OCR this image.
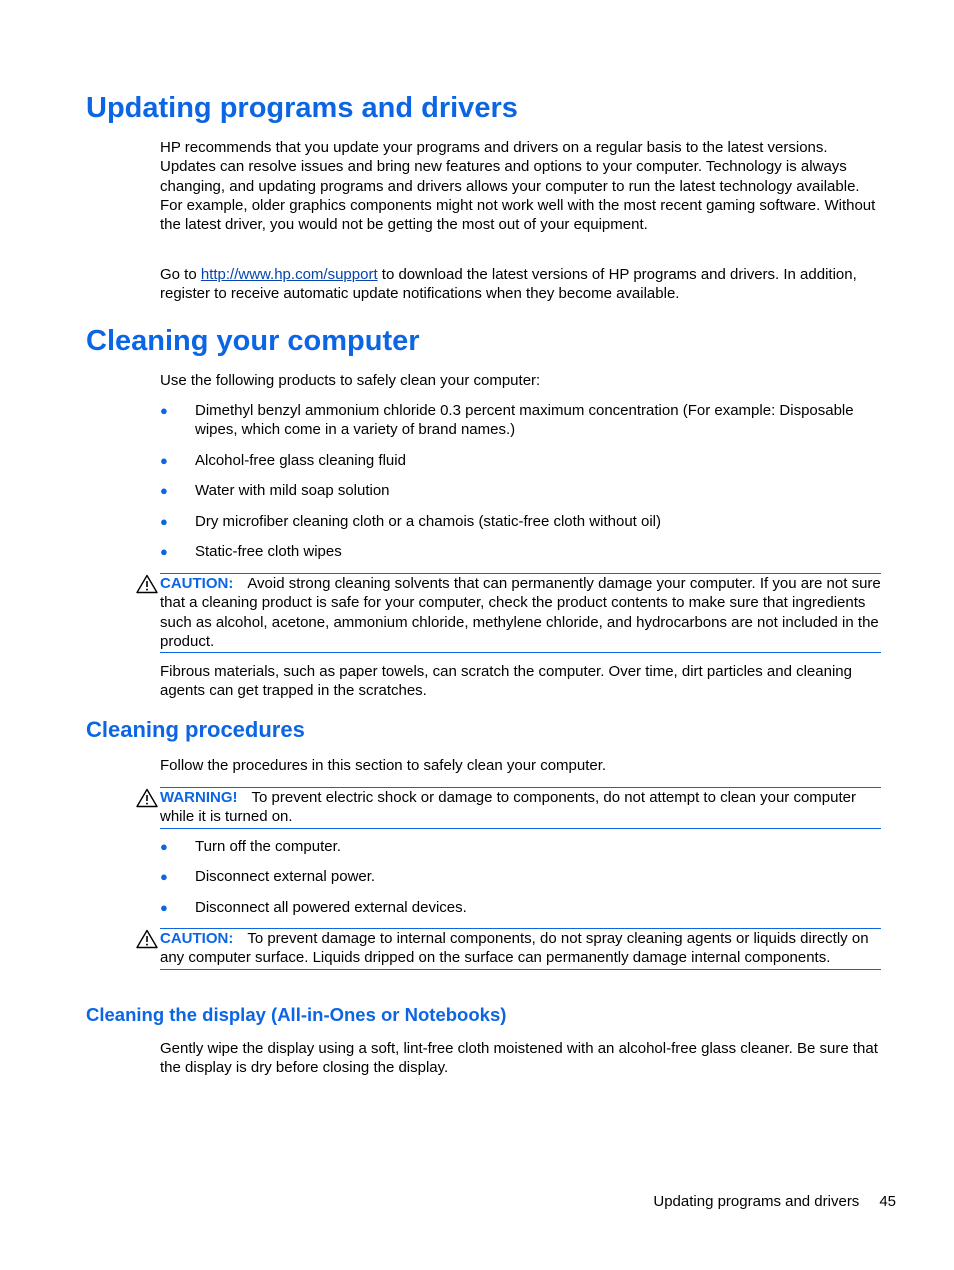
Updating programs and drivers

HP recommends that you update your programs and drivers on a regular basis to the latest versions. Updates can resolve issues and bring new features and options to your computer. Technology is always changing, and updating programs and drivers allows your computer to run the latest technology available. For example, older graphics components might not work well with the most recent gaming software. Without the latest driver, you would not be getting the most out of your equipment.

Go to http://www.hp.com/support to download the latest versions of HP programs and drivers. In addition, register to receive automatic update notifications when they become available.

Cleaning your computer

Use the following products to safely clean your computer:

● Dimethyl benzyl ammonium chloride 0.3 percent maximum concentration (For example: Disposable wipes, which come in a variety of brand names.)
● Alcohol-free glass cleaning fluid
● Water with mild soap solution
● Dry microfiber cleaning cloth or a chamois (static-free cloth without oil)
● Static-free cloth wipes
CAUTION: Avoid strong cleaning solvents that can permanently damage your computer. If you are not sure that a cleaning product is safe for your computer, check the product contents to make sure that ingredients such as alcohol, acetone, ammonium chloride, methylene chloride, and hydrocarbons are not included in the product.

Fibrous materials, such as paper towels, can scratch the computer. Over time, dirt particles and cleaning agents can get trapped in the scratches.

Cleaning procedures

Follow the procedures in this section to safely clean your computer.

WARNING! To prevent electric shock or damage to components, do not attempt to clean your computer while it is turned on.
● Turn off the computer.
● Disconnect external power.
● Disconnect all powered external devices.
CAUTION: To prevent damage to internal components, do not spray cleaning agents or liquids directly on any computer surface. Liquids dripped on the surface can permanently damage internal components.
Cleaning the display (All-in-Ones or Notebooks)

Gently wipe the display using a soft, lint-free cloth moistened with an alcohol-free glass cleaner. Be sure that the display is dry before closing the display.

Updating programs and drivers 45
